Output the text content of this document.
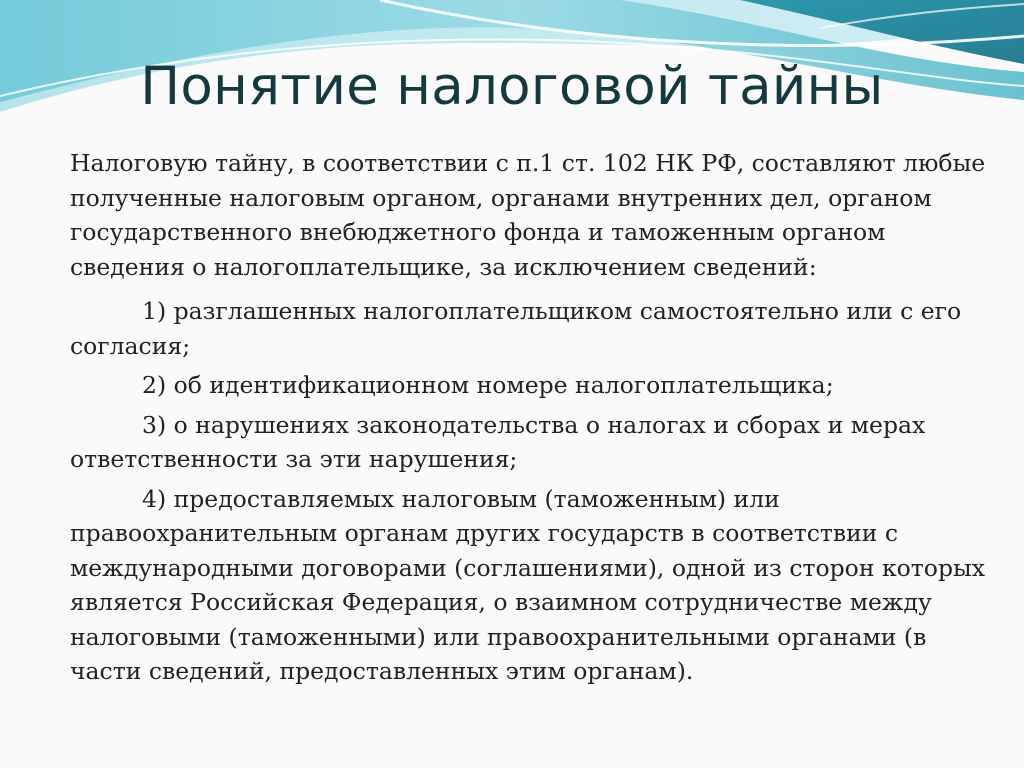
Понятие налоговой тайны

Налоговую тайну, в соответствии с п.1 ст. 102 НК РФ, составляют любые полученные налоговым органом, органами внутренних дел, органом государственного внебюджетного фонда и таможенным органом сведения о налогоплательщике, за исключением сведений:

1) разглашенных налогоплательщиком самостоятельно или с его согласия;

2) об идентификационном номере налогоплательщика;

3) о нарушениях законодательства о налогах и сборах и мерах ответственности за эти нарушения;

4) предоставляемых налоговым (таможенным) или правоохранительным органам других государств в соответствии с международными договорами (соглашениями), одной из сторон которых является Российская Федерация, о взаимном сотрудничестве между налоговыми (таможенными) или правоохранительными органами (в части сведений, предоставленных этим органам).
